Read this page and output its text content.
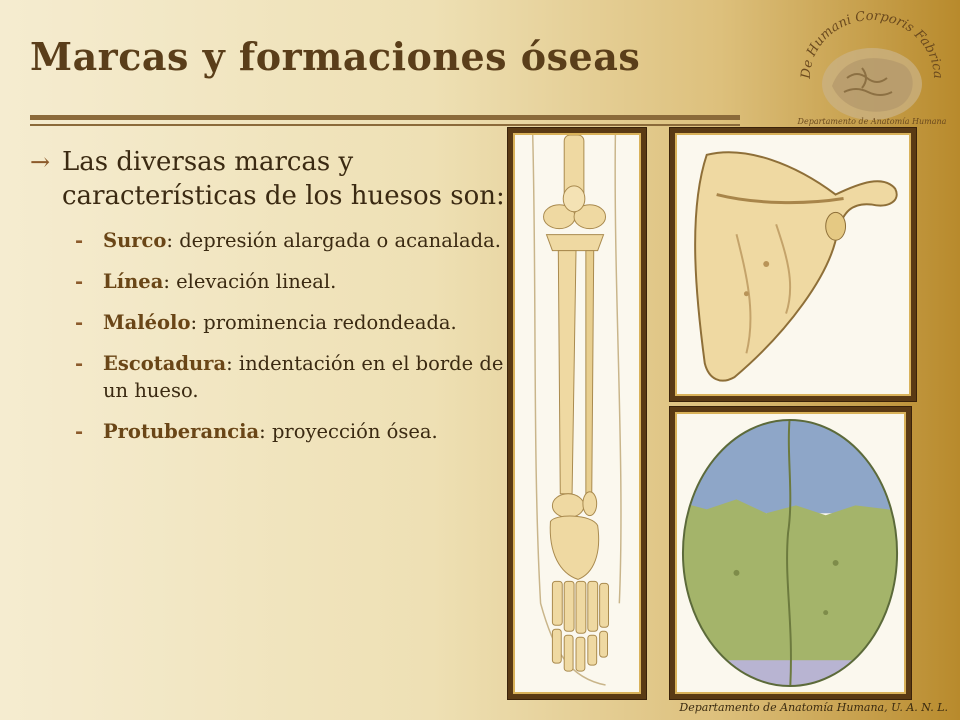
Marcas y formaciones óseas	De Humani Corporis Fabrica
Departamento de Anatomía Humana
→ Las diversas marcas y características de los huesos son:
-	Surco: depresión alargada o acanalada.
-	Línea: elevación lineal.
-	Maléolo: prominencia redondeada.
-	Escotadura: indentación en el borde de un hueso.
-	Protuberancia: proyección ósea.
Departamento de Anatomía Humana, U. A. N. L.
